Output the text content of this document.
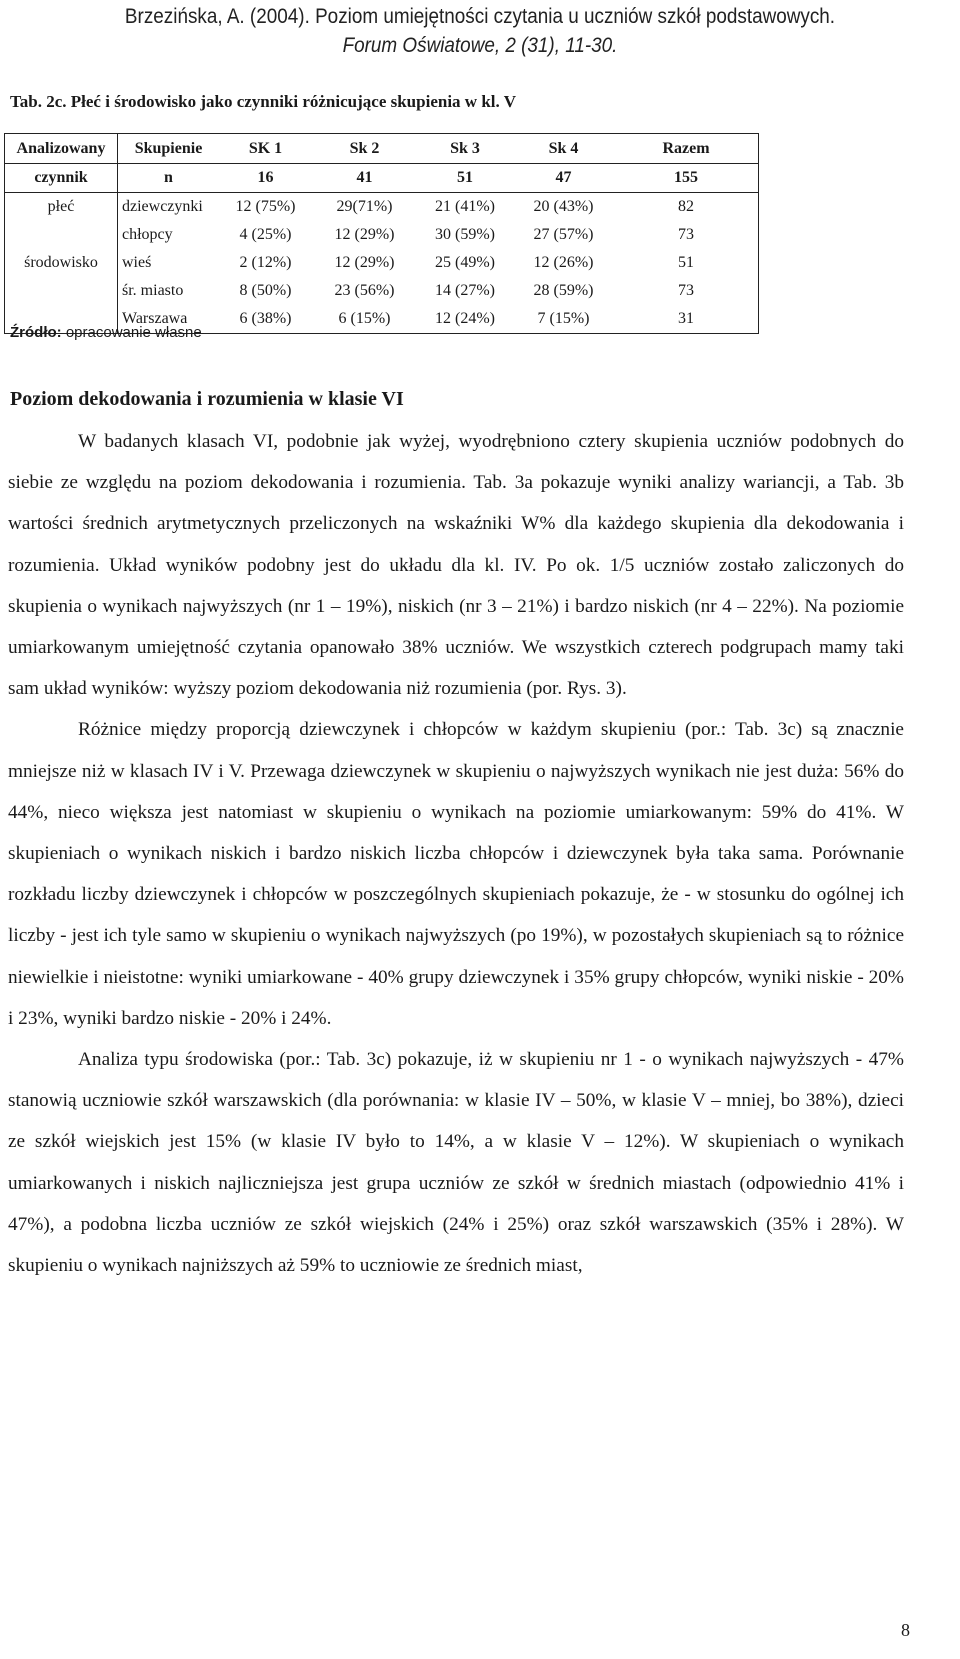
Brzezińska, A. (2004). Poziom umiejętności czytania u uczniów szkół podstawowych.
Forum Oświatowe, 2 (31), 11-30.
Tab. 2c. Płeć i środowisko jako czynniki różnicujące skupienia w kl. V
Analizowany	Skupienie	SK 1	Sk 2	Sk 3	Sk 4	Razem
czynnik	n	16	41	51	47	155
płeć	dziewczynki	12 (75%)	29(71%)	21 (41%)	20 (43%)	82
	chłopcy	4 (25%)	12 (29%)	30 (59%)	27 (57%)	73
środowisko	wieś	2 (12%)	12 (29%)	25 (49%)	12 (26%)	51
	śr. miasto	8 (50%)	23 (56%)	14 (27%)	28 (59%)	73
	Warszawa	6 (38%)	6 (15%)	12 (24%)	7 (15%)	31
Źródło: opracowanie własne
Poziom dekodowania i rozumienia w klasie VI

W badanych klasach VI, podobnie jak wyżej, wyodrębniono cztery skupienia uczniów podobnych do siebie ze względu na poziom dekodowania i rozumienia. Tab. 3a pokazuje wyniki analizy wariancji, a Tab. 3b wartości średnich arytmetycznych przeliczonych na wskaźniki W% dla każdego skupienia dla dekodowania i rozumienia. Układ wyników podobny jest do układu dla kl. IV. Po ok. 1/5 uczniów zostało zaliczonych do skupienia o wynikach najwyższych (nr 1 – 19%), niskich (nr 3 – 21%) i bardzo niskich (nr 4 – 22%). Na poziomie umiarkowanym umiejętność czytania opanowało 38% uczniów. We wszystkich czterech podgrupach mamy taki sam układ wyników: wyższy poziom dekodowania niż rozumienia (por. Rys. 3).

Różnice między proporcją dziewczynek i chłopców w każdym skupieniu (por.: Tab. 3c) są znacznie mniejsze niż w klasach IV i V. Przewaga dziewczynek w skupieniu o najwyższych wynikach nie jest duża: 56% do 44%, nieco większa jest natomiast w skupieniu o wynikach na poziomie umiarkowanym: 59% do 41%. W skupieniach o wynikach niskich i bardzo niskich liczba chłopców i dziewczynek była taka sama. Porównanie rozkładu liczby dziewczynek i chłopców w poszczególnych skupieniach pokazuje, że - w stosunku do ogólnej ich liczby - jest ich tyle samo w skupieniu o wynikach najwyższych (po 19%), w pozostałych skupieniach są to różnice niewielkie i nieistotne: wyniki umiarkowane - 40% grupy dziewczynek i 35% grupy chłopców, wyniki niskie - 20% i 23%, wyniki bardzo niskie - 20% i 24%.

Analiza typu środowiska (por.: Tab. 3c) pokazuje, iż w skupieniu nr 1 - o wynikach najwyższych - 47% stanowią uczniowie szkół warszawskich (dla porównania: w klasie IV – 50%, w klasie V – mniej, bo 38%), dzieci ze szkół wiejskich jest 15% (w klasie IV było to 14%, a w klasie V – 12%). W skupieniach o wynikach umiarkowanych i niskich najliczniejsza jest grupa uczniów ze szkół w średnich miastach (odpowiednio 41% i 47%), a podobna liczba uczniów ze szkół wiejskich (24% i 25%) oraz szkół warszawskich (35% i 28%). W skupieniu o wynikach najniższych aż 59% to uczniowie ze średnich miast,

8
